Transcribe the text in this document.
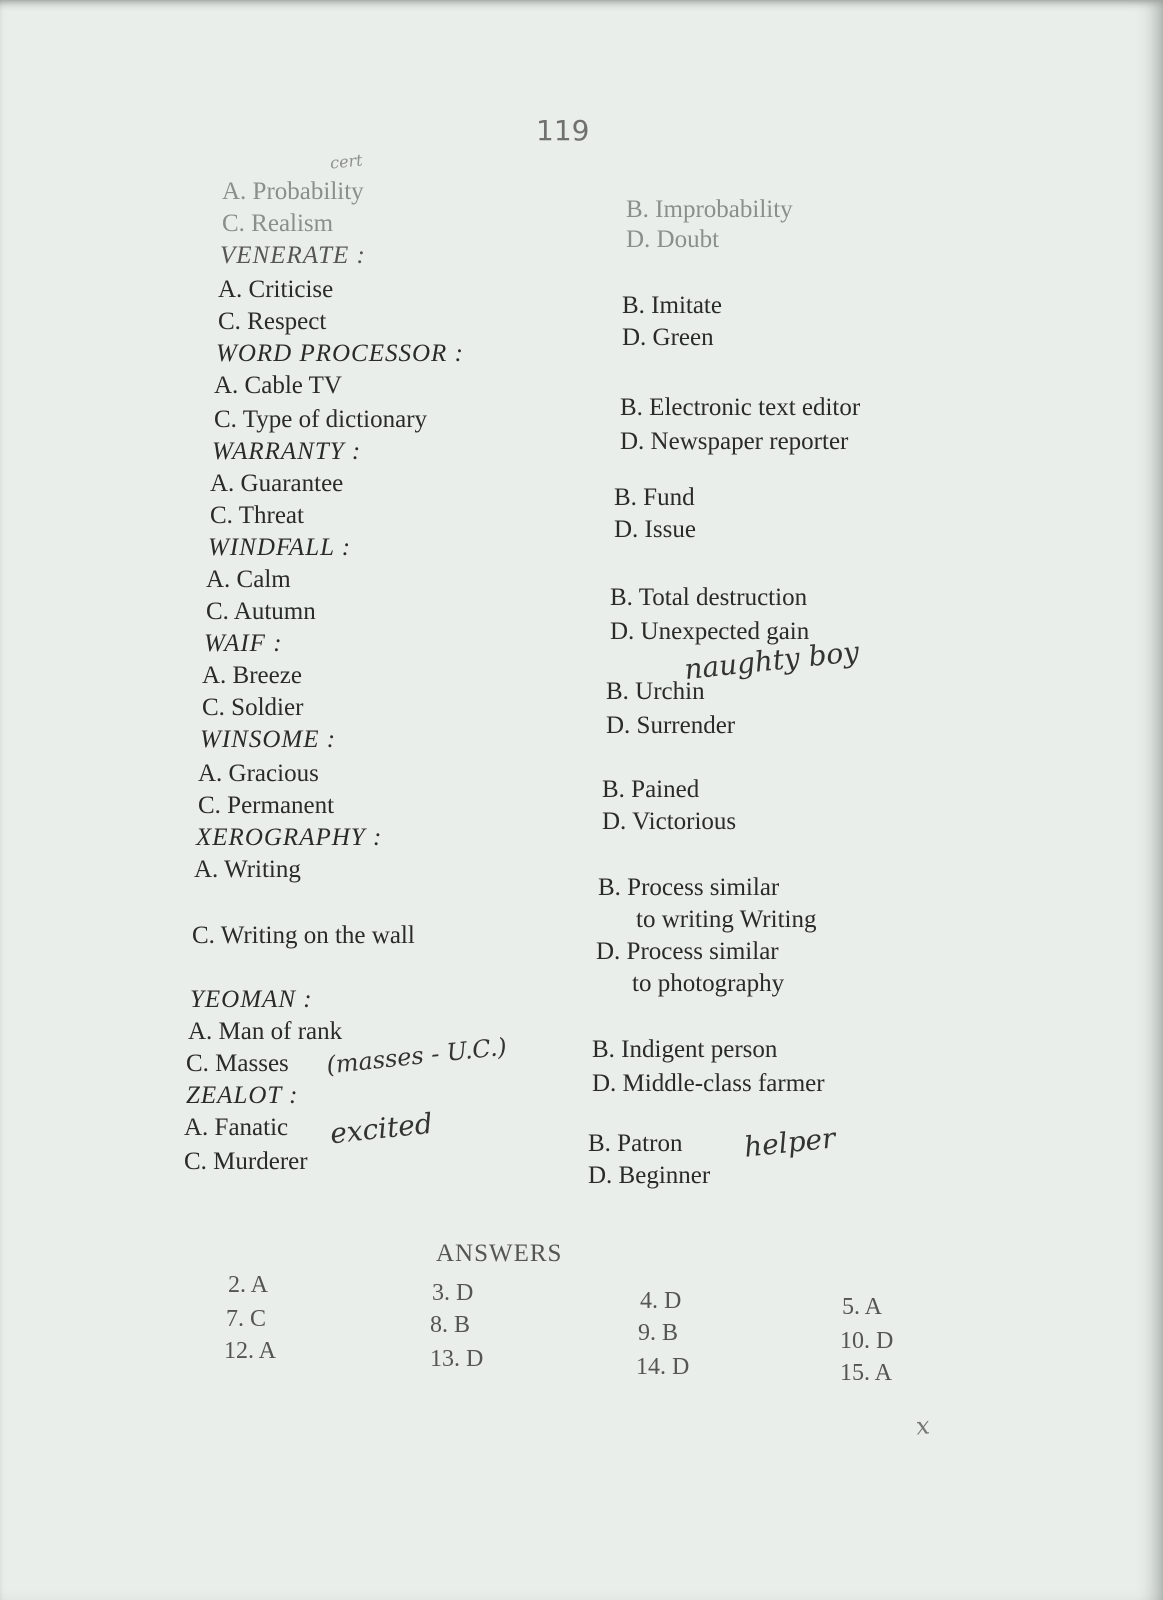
119
A. Probability
C. Realism
B. Improbability
D. Doubt
cert
VENERATE :
A. Criticise
C. Respect
B. Imitate
D. Green
WORD PROCESSOR :
A. Cable TV
C. Type of dictionary	B. Electronic text editor
D. Newspaper reporter
WARRANTY :
A. Guarantee
C. Threat
B. Fund
D. Issue
WINDFALL :
A. Calm
C. Autumn
B. Total destruction
D. Unexpected gain
WAIF :
A. Breeze
C. Soldier
B. Urchin
D. Surrender
naughty boy
WINSOME :
A. Gracious
C. Permanent
B. Pained
D. Victorious
XEROGRAPHY :
A. Writing
C. Writing on the wall
B. Process similar
to writing Writing
D. Process similar
to photography
YEOMAN :
A. Man of rank
C. Masses
B. Indigent person
D. Middle-class farmer
(masses - U.C.)
ZEALOT :
A. Fanatic
C. Murderer
B. Patron
D. Beginner
excited	helper
ANSWERS
2. A
7. C
12. A
3. D
8. B
13. D
4. D
9. B
14. D
5. A
10. D
15. A
x
